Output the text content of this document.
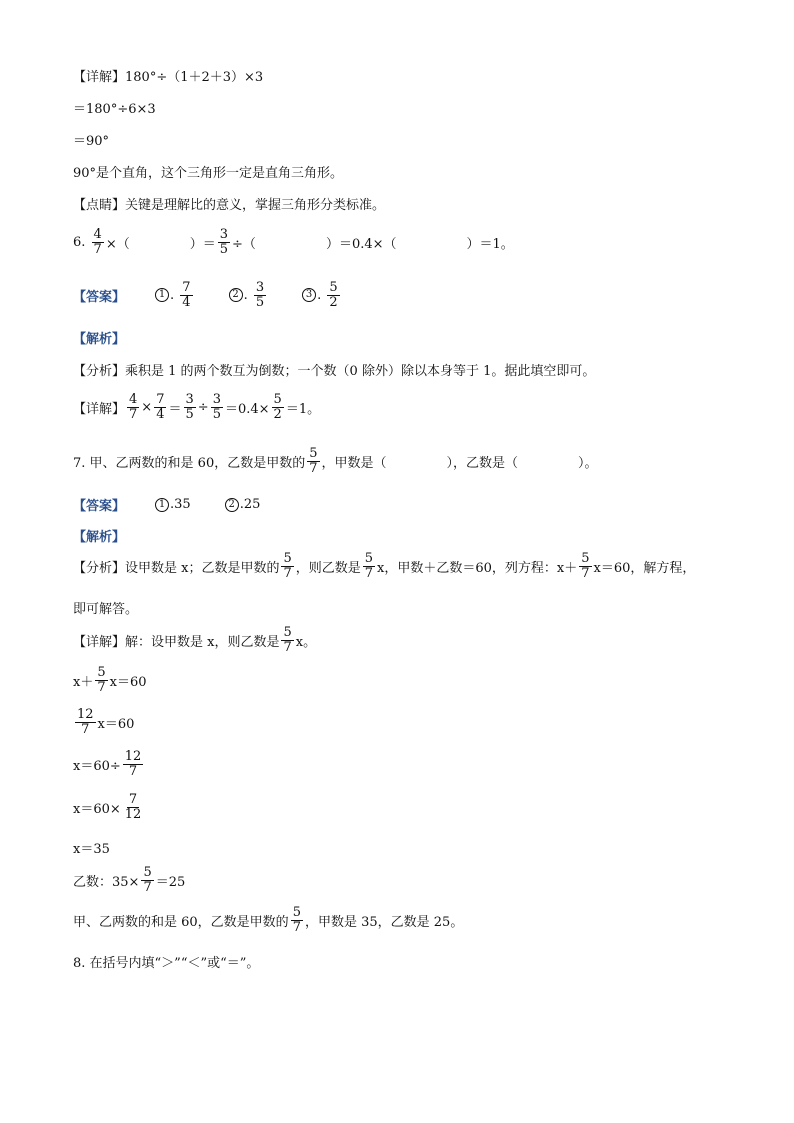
【详解】180°÷（1＋2＋3）×3
＝180°÷6×3
＝90°
90°是个直角，这个三角形一定是直角三角形。
【点睛】关键是理解比的意义，掌握三角形分类标准。
6.
$\frac{4}{7}$ ×（	）＝ $\frac{3}{5}$ ÷（	）＝0.4×（	）＝1。
【答案】	1 . $\frac{7}{4}$	2 . $\frac{3}{5}$	3 . $\frac{5}{2}$
【解析】
【分析】乘积是 1 的两个数互为倒数；一个数（0 除外）除以本身等于 1。据此填空即可。
【详解】 $\frac{4}{7} \times \frac{7}{4} = \frac{3}{5} \div \frac{3}{5} =0.4\times \frac{5}{2} =1$。
7. 甲、乙两数的和是 60，乙数是甲数的 $\frac{5}{7}$ ，甲数是（	），乙数是（	）。
【答案】	1 .35	2 .25
【解析】
【分析】设甲数是 x；乙数是甲数的 $\frac{5}{7}$ ，则乙数是 $\frac{5}{7}$ x，甲数＋乙数＝60，列方程：$x+ \frac{5}{7} x=60$，解方程，
即可解答。
【详解】解：设甲数是 x，则乙数是 $\frac{5}{7}$ x。
$x+ \frac{5}{7} x=60$
$\frac{12}{7} x=60$
$x=60\div \frac{12}{7}$
$x=60\times \frac{7}{12}$
x＝35
乙数：$35\times \frac{5}{7} =25$
甲、乙两数的和是 60，乙数是甲数的 $\frac{5}{7}$ ，甲数是 35，乙数是 25。
8. 在括号内填“＞”“＜”或“＝”。
